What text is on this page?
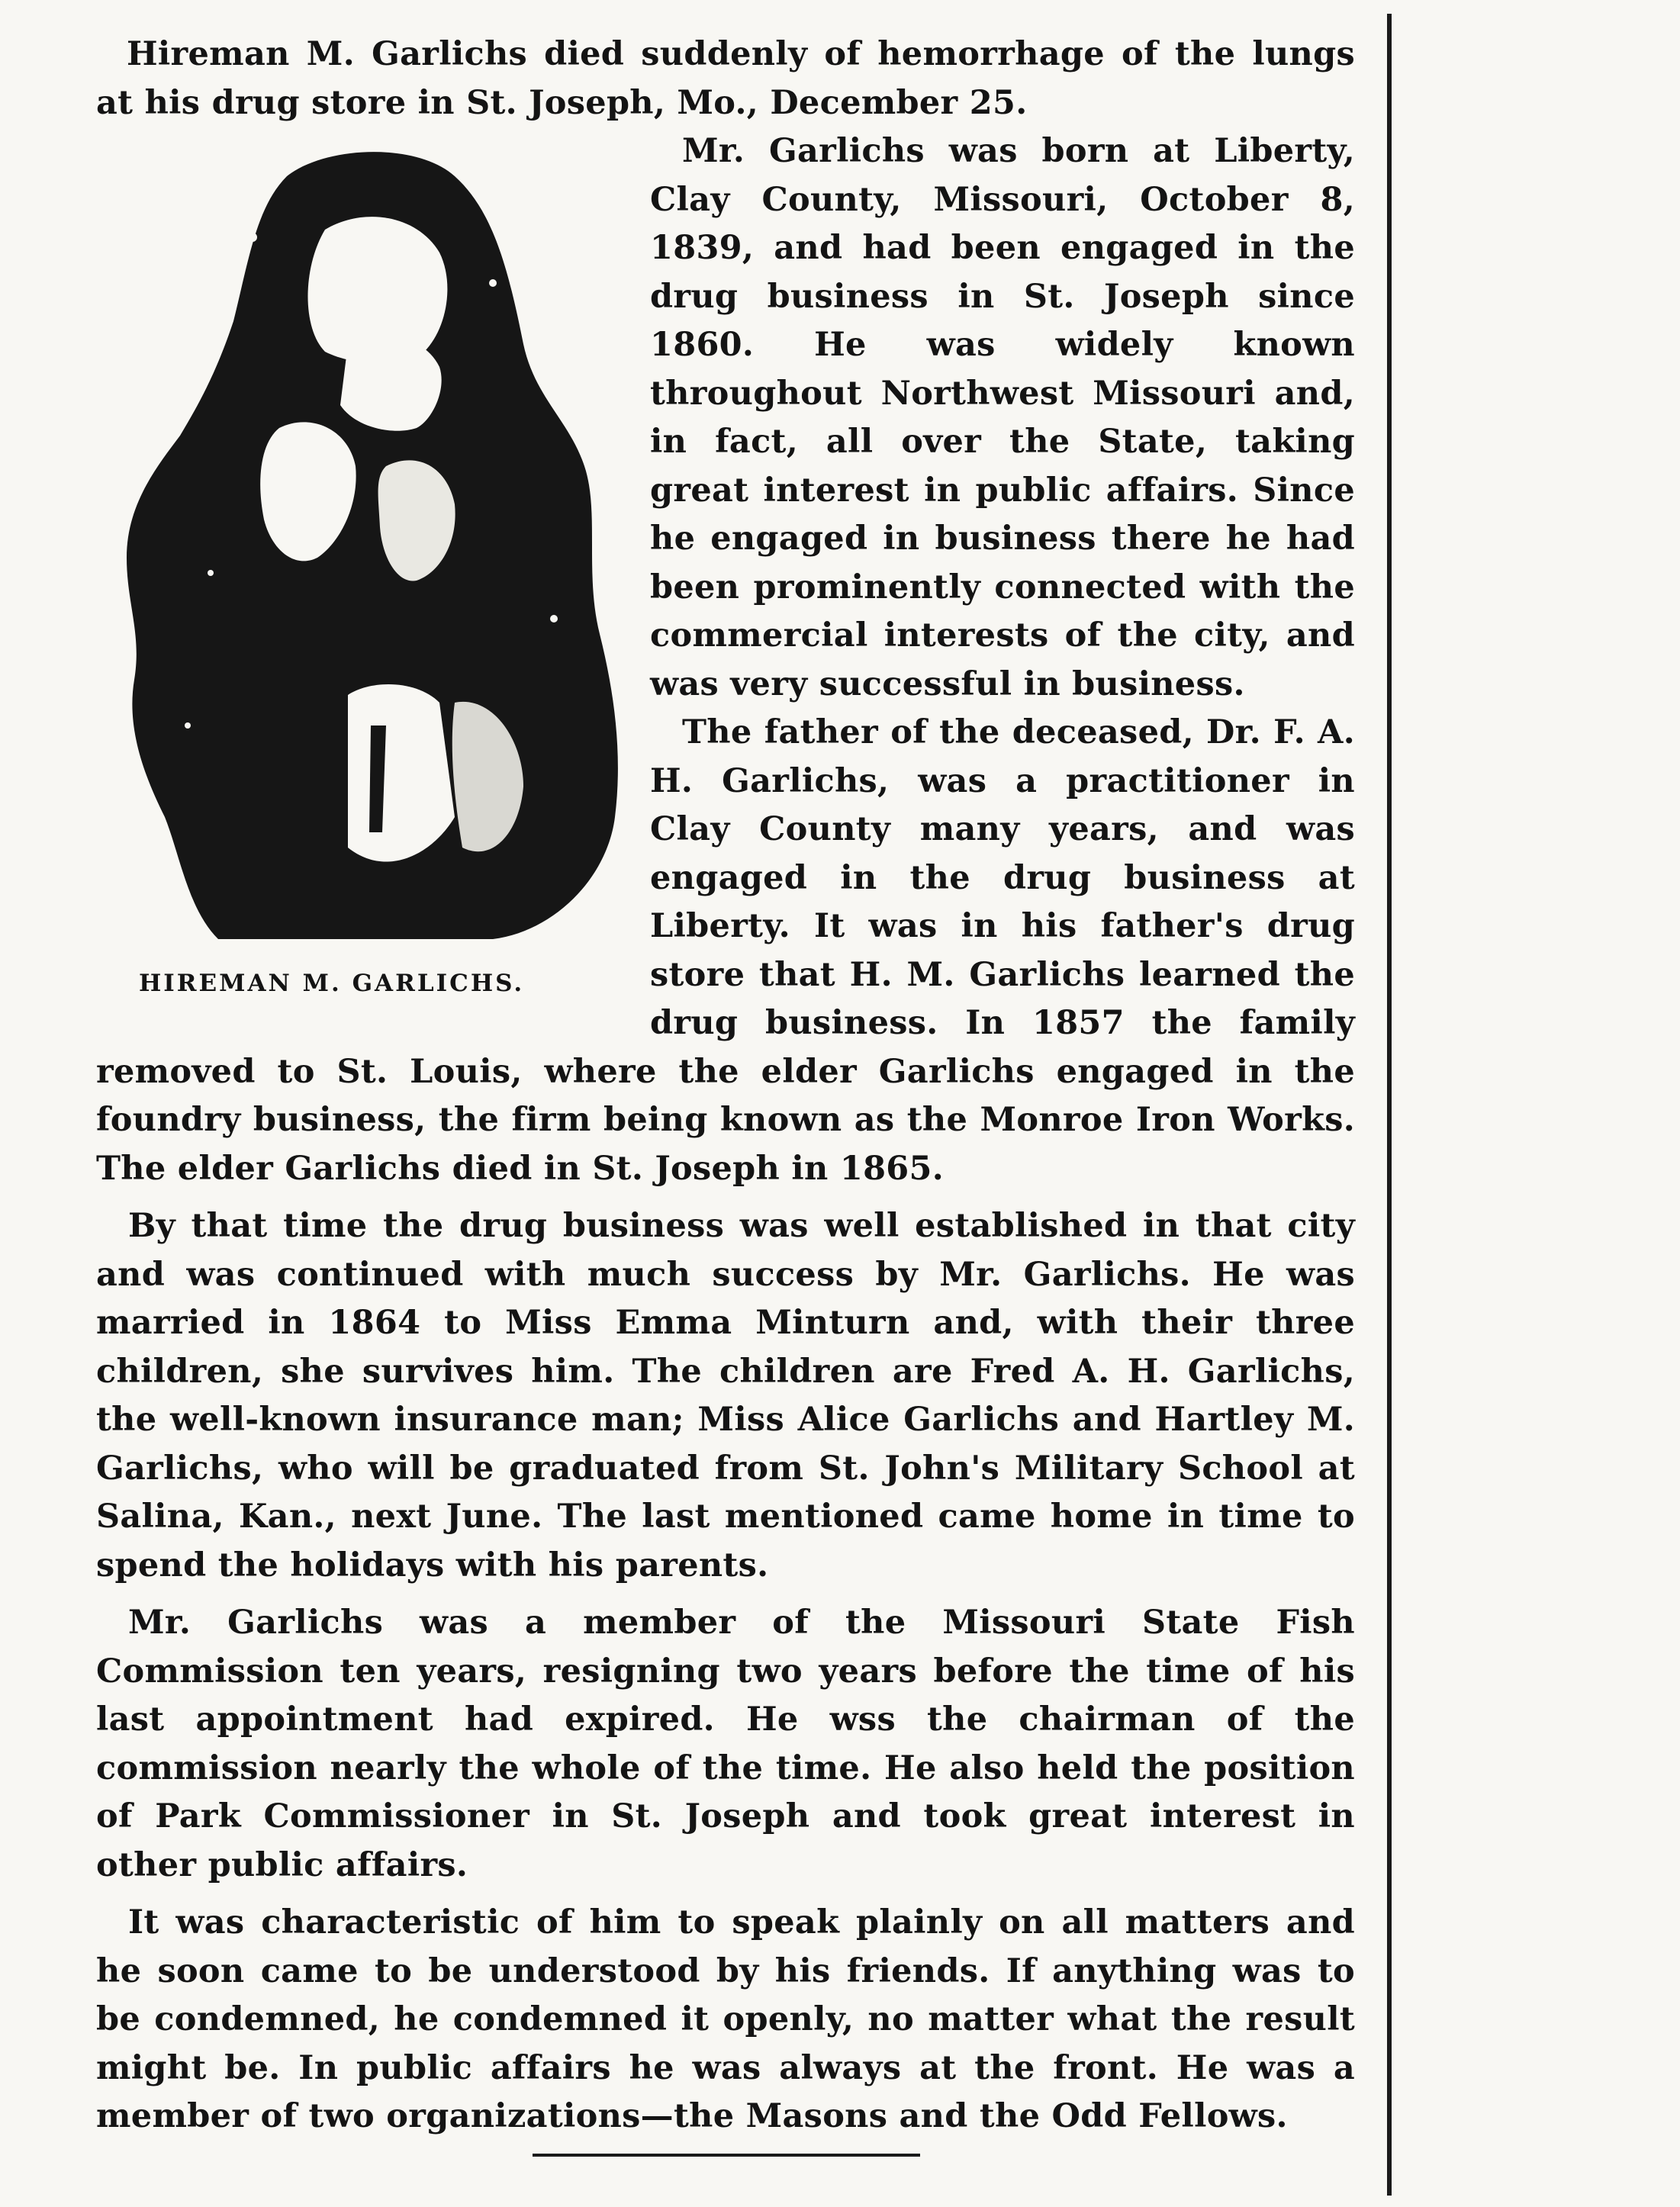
Hireman M. Garlichs died suddenly of hemorrhage of the lungs at his drug store in St. Joseph, Mo., December 25.

HIREMAN M. GARLICHS.

Mr. Garlichs was born at Liberty, Clay County, Missouri, October 8, 1839, and had been engaged in the drug business in St. Joseph since 1860. He was widely known throughout Northwest Missouri and, in fact, all over the State, taking great interest in public affairs. Since he engaged in business there he had been prominently connected with the commercial interests of the city, and was very successful in business.

The father of the deceased, Dr. F. A. H. Garlichs, was a practitioner in Clay County many years, and was engaged in the drug business at Liberty. It was in his father's drug store that H. M. Garlichs learned the drug business. In 1857 the family removed to St. Louis, where the elder Garlichs engaged in the foundry business, the firm being known as the Monroe Iron Works. The elder Garlichs died in St. Joseph in 1865.

By that time the drug business was well established in that city and was continued with much success by Mr. Garlichs. He was married in 1864 to Miss Emma Minturn and, with their three children, she survives him. The children are Fred A. H. Garlichs, the well-known insurance man; Miss Alice Garlichs and Hartley M. Garlichs, who will be graduated from St. John's Military School at Salina, Kan., next June. The last mentioned came home in time to spend the holidays with his parents.

Mr. Garlichs was a member of the Missouri State Fish Commission ten years, resigning two years before the time of his last appointment had expired. He wss the chairman of the commission nearly the whole of the time. He also held the position of Park Commissioner in St. Joseph and took great interest in other public affairs.

It was characteristic of him to speak plainly on all matters and he soon came to be understood by his friends. If anything was to be condemned, he condemned it openly, no matter what the result might be. In public affairs he was always at the front. He was a member of two organizations—the Masons and the Odd Fellows.
